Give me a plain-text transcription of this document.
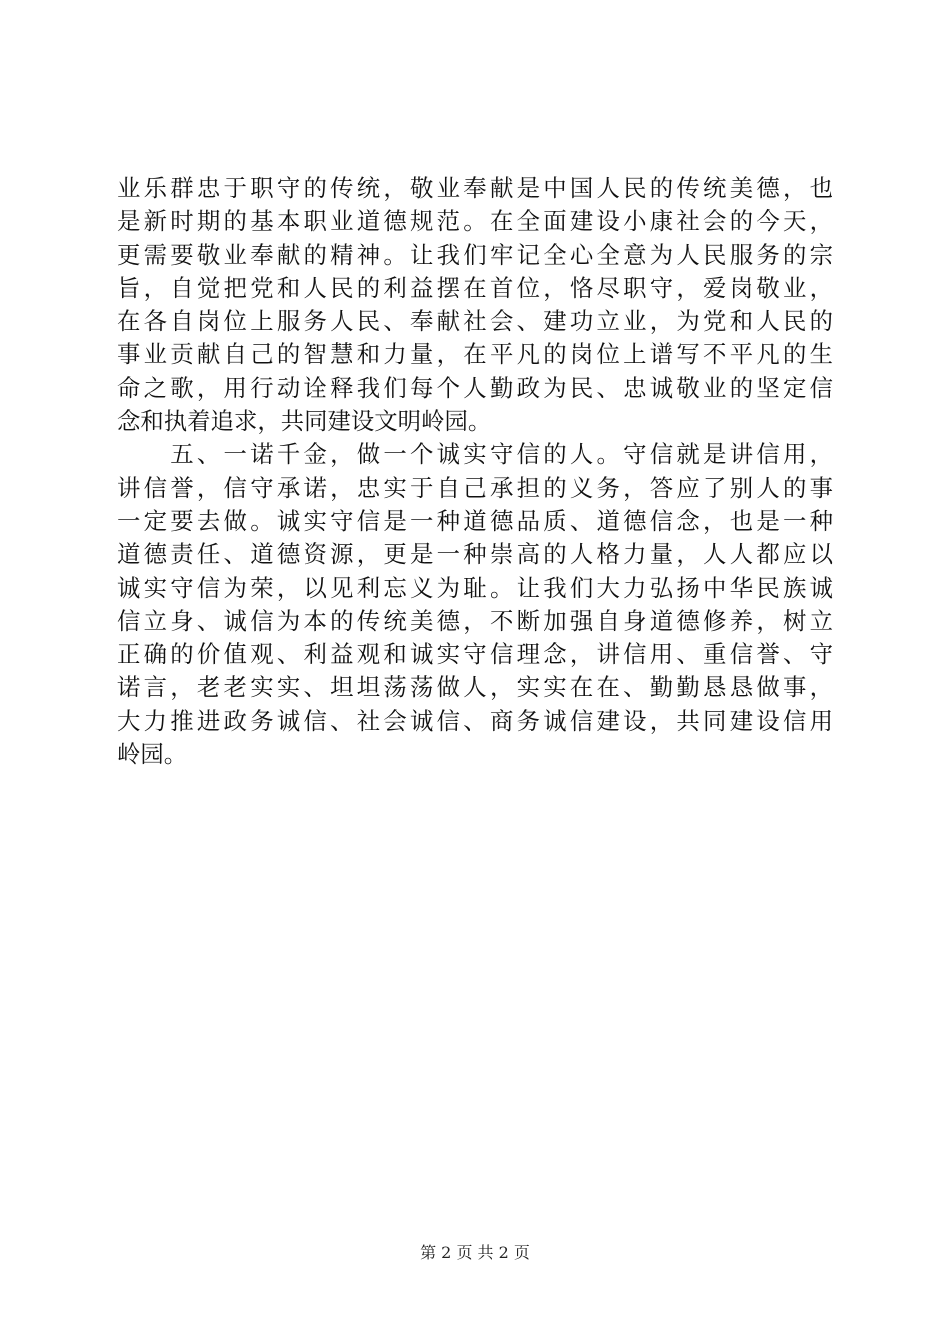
业乐群忠于职守的传统，敬业奉献是中国人民的传统美德，也
是新时期的基本职业道德规范。在全面建设小康社会的今天，
更需要敬业奉献的精神。让我们牢记全心全意为人民服务的宗
旨，自觉把党和人民的利益摆在首位，恪尽职守，爱岗敬业，
在各自岗位上服务人民、奉献社会、建功立业，为党和人民的
事业贡献自己的智慧和力量，在平凡的岗位上谱写不平凡的生
命之歌，用行动诠释我们每个人勤政为民、忠诚敬业的坚定信
念和执着追求，共同建设文明岭园。
　　五、一诺千金，做一个诚实守信的人。守信就是讲信用，
讲信誉，信守承诺，忠实于自己承担的义务，答应了别人的事
一定要去做。诚实守信是一种道德品质、道德信念，也是一种
道德责任、道德资源，更是一种崇高的人格力量，人人都应以
诚实守信为荣，以见利忘义为耻。让我们大力弘扬中华民族诚
信立身、诚信为本的传统美德，不断加强自身道德修养，树立
正确的价值观、利益观和诚实守信理念，讲信用、重信誉、守
诺言，老老实实、坦坦荡荡做人，实实在在、勤勤恳恳做事，
大力推进政务诚信、社会诚信、商务诚信建设，共同建设信用
岭园。
第 2 页 共 2 页
